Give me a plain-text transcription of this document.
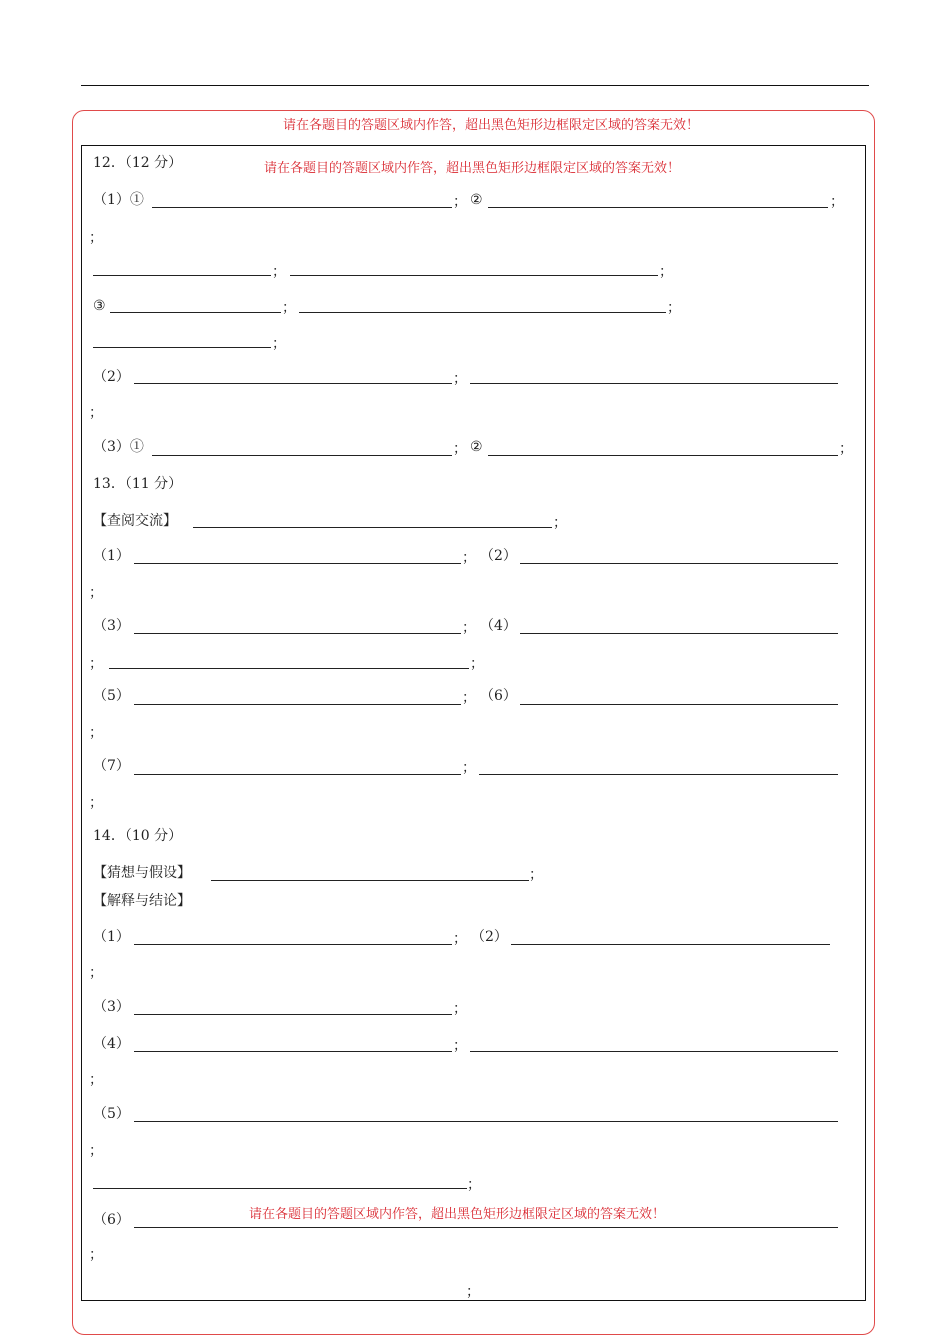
请在各题目的答题区域内作答，超出黑色矩形边框限定区域的答案无效！
请在各题目的答题区域内作答，超出黑色矩形边框限定区域的答案无效！
请在各题目的答题区域内作答，超出黑色矩形边框限定区域的答案无效！
12．（12 分）
（1）①	； ②	；
；
；	；
③	；	；
；
（2）	；
；
（3）①	； ②	；
13．（11 分）
【查阅交流】	；
（1）	； （2）
；
（3）	； （4）
；	；
（5）	； （6）
；
（7）	；
；
14．（10 分）
【猜想与假设】	；
【解释与结论】
（1）	； （2）
；
（3）	；
（4）	；
；
（5）
；
；
（6）
；
；
